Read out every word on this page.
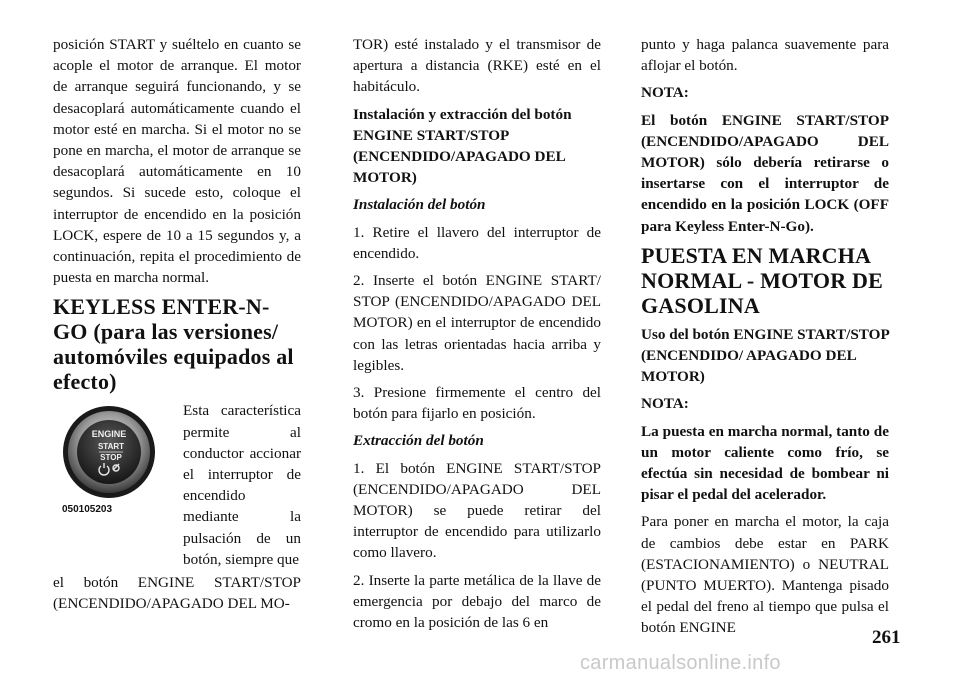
posición START y suéltelo en cuanto se acople el motor de arranque. El motor de arranque seguirá funcionando, y se desacoplará automáticamente cuando el motor esté en marcha. Si el motor no se pone en marcha, el motor de arranque se desacoplará automáticamente en 10 segundos. Si sucede esto, coloque el interruptor de encendido en la posición LOCK, espere de 10 a 15 segundos y, a continuación, repita el procedimiento de puesta en marcha normal.

KEYLESS ENTER-N-GO (para las versiones/ automóviles equipados al efecto)
ENGINE
START
STOP
050105203
Esta característica permite al conductor accionar el interruptor de encendido mediante la pulsación de un botón, siempre que

el botón ENGINE START/STOP (ENCENDIDO/APAGADO DEL MO-

TOR) esté instalado y el transmisor de apertura a distancia (RKE) esté en el habitáculo.

Instalación y extracción del botón ENGINE START/STOP (ENCENDIDO/APAGADO DEL MOTOR)

Instalación del botón

1. Retire el llavero del interruptor de encendido.

2. Inserte el botón ENGINE START/ STOP (ENCENDIDO/APAGADO DEL MOTOR) en el interruptor de encendido con las letras orientadas hacia arriba y legibles.

3. Presione firmemente el centro del botón para fijarlo en posición.

Extracción del botón

1. El botón ENGINE START/STOP (ENCENDIDO/APAGADO DEL MOTOR) se puede retirar del interruptor de encendido para utilizarlo como llavero.

2. Inserte la parte metálica de la llave de emergencia por debajo del marco de cromo en la posición de las 6 en

punto y haga palanca suavemente para aflojar el botón.

NOTA:

El botón ENGINE START/STOP (ENCENDIDO/APAGADO DEL MOTOR) sólo debería retirarse o insertarse con el interruptor de encendido en la posición LOCK (OFF para Keyless Enter-N-Go).

PUESTA EN MARCHA NORMAL - MOTOR DE GASOLINA
Uso del botón ENGINE START/STOP (ENCENDIDO/ APAGADO DEL MOTOR)

NOTA:

La puesta en marcha normal, tanto de un motor caliente como frío, se efectúa sin necesidad de bombear ni pisar el pedal del acelerador.

Para poner en marcha el motor, la caja de cambios debe estar en PARK (ESTACIONAMIENTO) o NEUTRAL (PUNTO MUERTO). Mantenga pisado el pedal del freno al tiempo que pulsa el botón ENGINE	261
carmanualsonline.info
